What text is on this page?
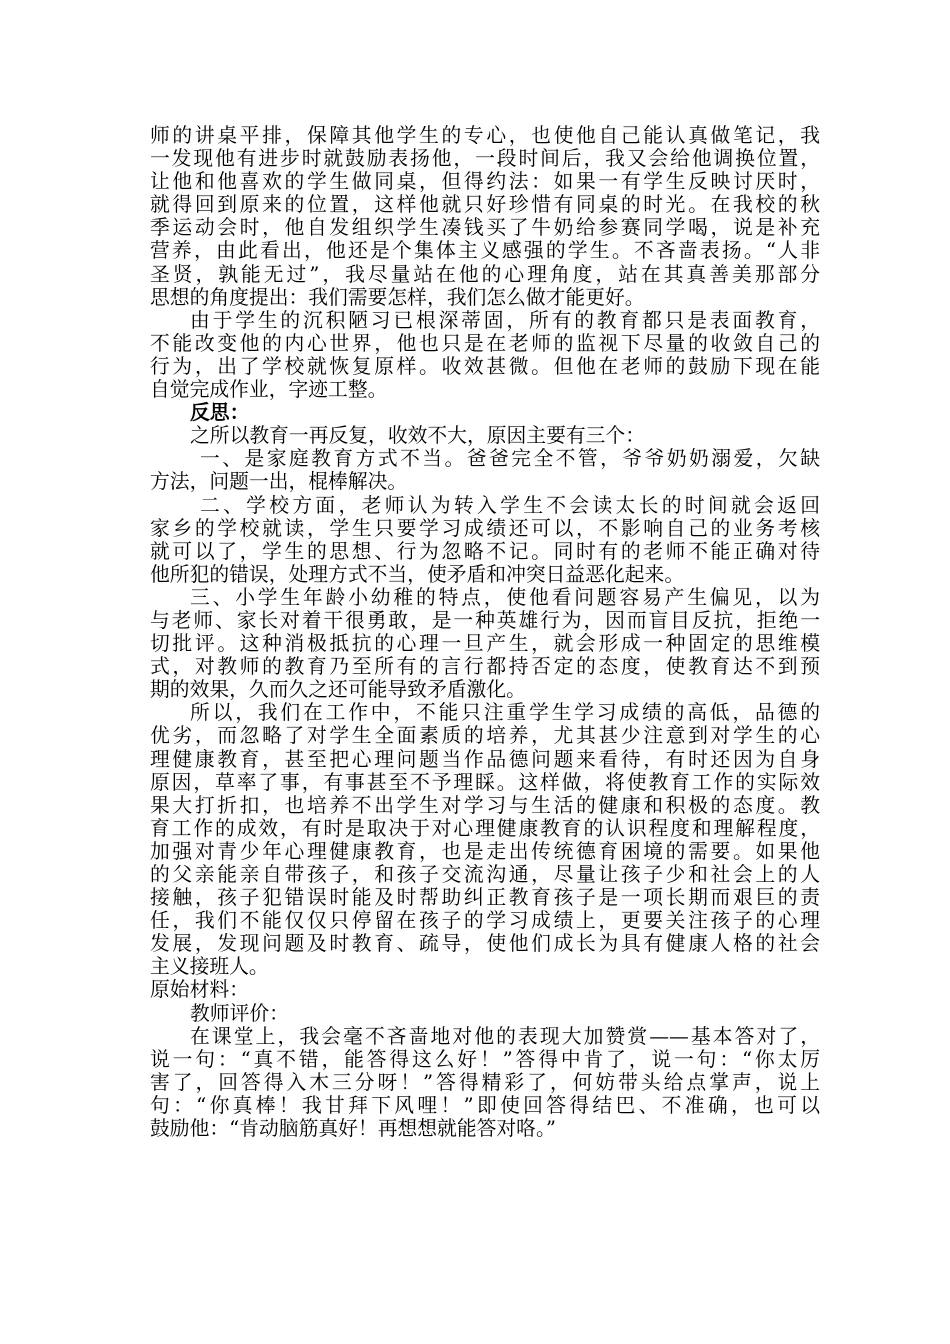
师的讲桌平排，保障其他学生的专心，也使他自己能认真做笔记，我
一发现他有进步时就鼓励表扬他，一段时间后，我又会给他调换位置，
让他和他喜欢的学生做同桌，但得约法：如果一有学生反映讨厌时，
就得回到原来的位置，这样他就只好珍惜有同桌的时光。在我校的秋
季运动会时，他自发组织学生凑钱买了牛奶给参赛同学喝，说是补充
营养，由此看出，他还是个集体主义感强的学生。不吝啬表扬。“人非
圣贤，孰能无过”，我尽量站在他的心理角度，站在其真善美那部分
思想的角度提出：我们需要怎样，我们怎么做才能更好。
由于学生的沉积陋习已根深蒂固，所有的教育都只是表面教育，
不能改变他的内心世界，他也只是在老师的监视下尽量的收敛自己的
行为，出了学校就恢复原样。收效甚微。但他在老师的鼓励下现在能
自觉完成作业，字迹工整。
反思：
之所以教育一再反复，收效不大，原因主要有三个：
一、是家庭教育方式不当。爸爸完全不管，爷爷奶奶溺爱，欠缺
方法，问题一出，棍棒解决。
二、学校方面，老师认为转入学生不会读太长的时间就会返回
家乡的学校就读，学生只要学习成绩还可以，不影响自己的业务考核
就可以了，学生的思想、行为忽略不记。同时有的老师不能正确对待
他所犯的错误，处理方式不当，使矛盾和冲突日益恶化起来。
三、小学生年龄小幼稚的特点，使他看问题容易产生偏见，以为
与老师、家长对着干很勇敢，是一种英雄行为，因而盲目反抗，拒绝一
切批评。这种消极抵抗的心理一旦产生，就会形成一种固定的思维模
式，对教师的教育乃至所有的言行都持否定的态度，使教育达不到预
期的效果，久而久之还可能导致矛盾激化。
所以，我们在工作中，不能只注重学生学习成绩的高低，品德的
优劣，而忽略了对学生全面素质的培养，尤其甚少注意到对学生的心
理健康教育，甚至把心理问题当作品德问题来看待，有时还因为自身
原因，草率了事，有事甚至不予理睬。这样做，将使教育工作的实际效
果大打折扣，也培养不出学生对学习与生活的健康和积极的态度。教
育工作的成效，有时是取决于对心理健康教育的认识程度和理解程度，
加强对青少年心理健康教育，也是走出传统德育困境的需要。如果他
的父亲能亲自带孩子，和孩子交流沟通，尽量让孩子少和社会上的人
接触，孩子犯错误时能及时帮助纠正教育孩子是一项长期而艰巨的责
任，我们不能仅仅只停留在孩子的学习成绩上，更要关注孩子的心理
发展，发现问题及时教育、疏导，使他们成长为具有健康人格的社会
主义接班人。
原始材料：
教师评价：
在课堂上，我会毫不吝啬地对他的表现大加赞赏——基本答对了，
说一句：“真不错，能答得这么好！”答得中肯了，说一句：“你太厉
害了，回答得入木三分呀！”答得精彩了，何妨带头给点掌声，说上
句：“你真棒！我甘拜下风哩！”即使回答得结巴、不准确，也可以
鼓励他：“肯动脑筋真好！再想想就能答对咯。”
